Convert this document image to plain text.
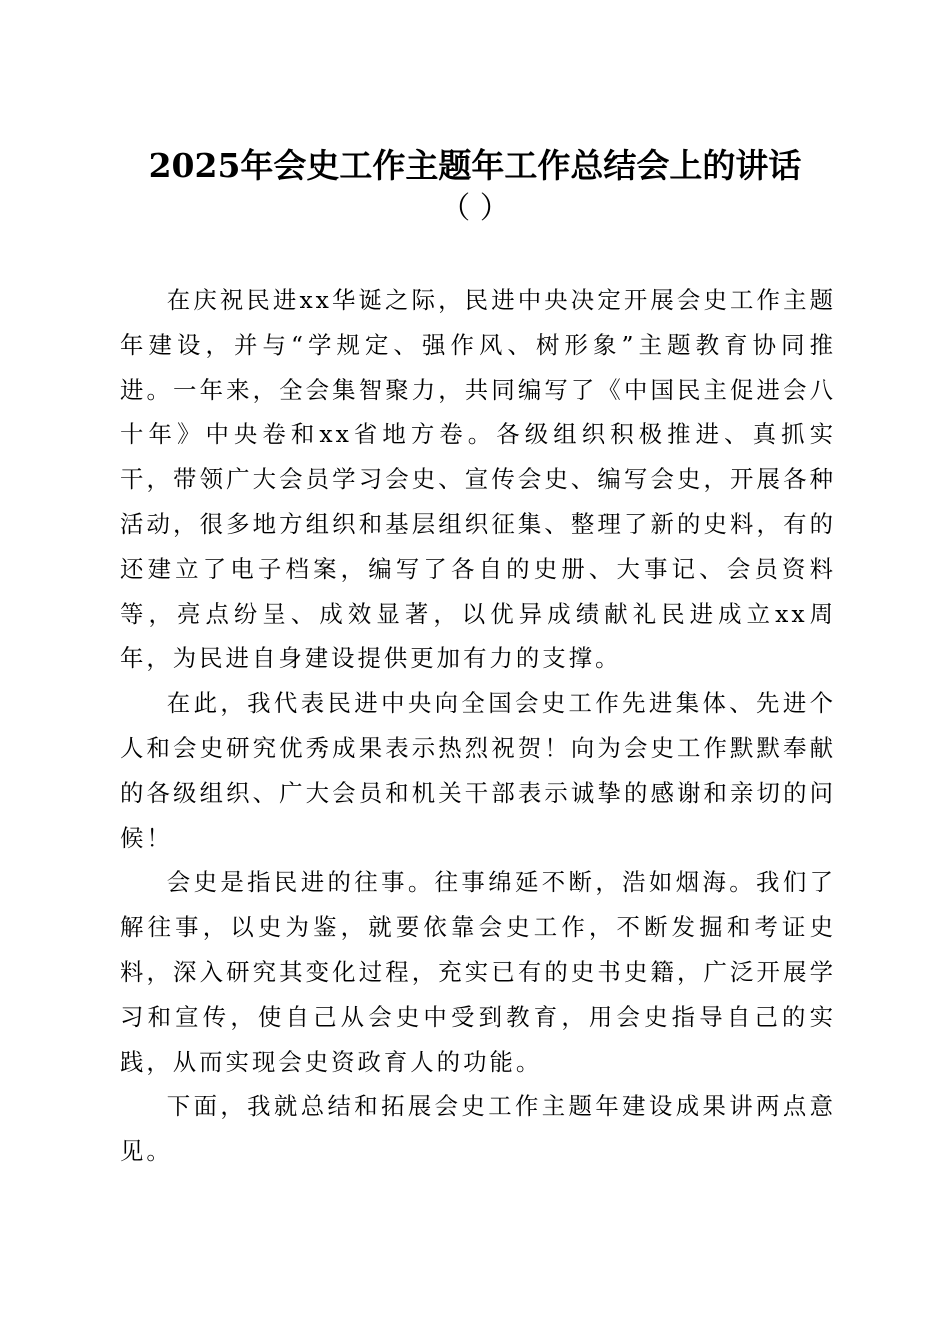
2025年会史工作主题年工作总结会上的讲话
（ ）

在庆祝民进xx华诞之际，民进中央决定开展会史工作主题年建设，并与“学规定、强作风、树形象”主题教育协同推进。一年来，全会集智聚力，共同编写了《中国民主促进会八十年》中央卷和xx省地方卷。各级组织积极推进、真抓实干，带领广大会员学习会史、宣传会史、编写会史，开展各种活动，很多地方组织和基层组织征集、整理了新的史料，有的还建立了电子档案，编写了各自的史册、大事记、会员资料等，亮点纷呈、成效显著，以优异成绩献礼民进成立xx周年，为民进自身建设提供更加有力的支撑。

在此，我代表民进中央向全国会史工作先进集体、先进个人和会史研究优秀成果表示热烈祝贺！向为会史工作默默奉献的各级组织、广大会员和机关干部表示诚挚的感谢和亲切的问候！

会史是指民进的往事。往事绵延不断，浩如烟海。我们了解往事，以史为鉴，就要依靠会史工作，不断发掘和考证史料，深入研究其变化过程，充实已有的史书史籍，广泛开展学习和宣传，使自己从会史中受到教育，用会史指导自己的实践，从而实现会史资政育人的功能。

下面，我就总结和拓展会史工作主题年建设成果讲两点意见。
